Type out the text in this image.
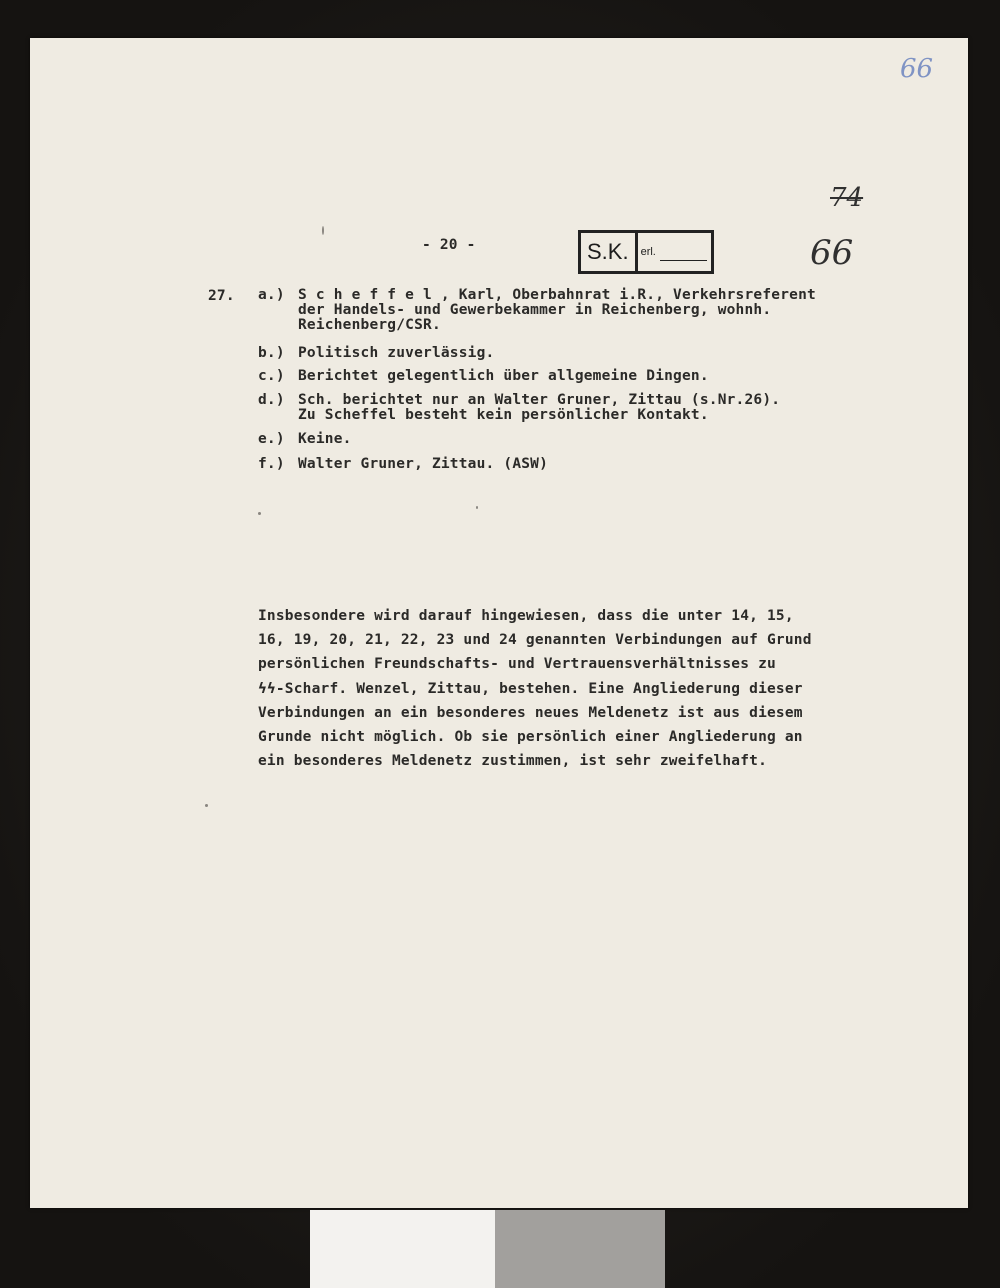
66
74
66
- 20 -	S.K.	erl.
27. a.) S c h e f f e l , Karl, Oberbahnrat i.R., Verkehrsreferent
der Handels- und Gewerbekammer in Reichenberg, wohnh.
Reichenberg/CSR.
b.) Politisch zuverlässig.
c.) Berichtet gelegentlich über allgemeine Dingen.
d.) Sch. berichtet nur an Walter Gruner, Zittau (s.Nr.26).
Zu Scheffel besteht kein persönlicher Kontakt.
e.) Keine.
f.) Walter Gruner, Zittau. (ASW)
Insbesondere wird darauf hingewiesen, dass die unter 14, 15,
16, 19, 20, 21, 22, 23 und 24 genannten Verbindungen auf Grund
persönlichen Freundschafts- und Vertrauensverhältnisses zu
ϟϟ-Scharf. Wenzel, Zittau, bestehen. Eine Angliederung dieser
Verbindungen an ein besonderes neues Meldenetz ist aus diesem
Grunde nicht möglich. Ob sie persönlich einer Angliederung an
ein besonderes Meldenetz zustimmen, ist sehr zweifelhaft.
